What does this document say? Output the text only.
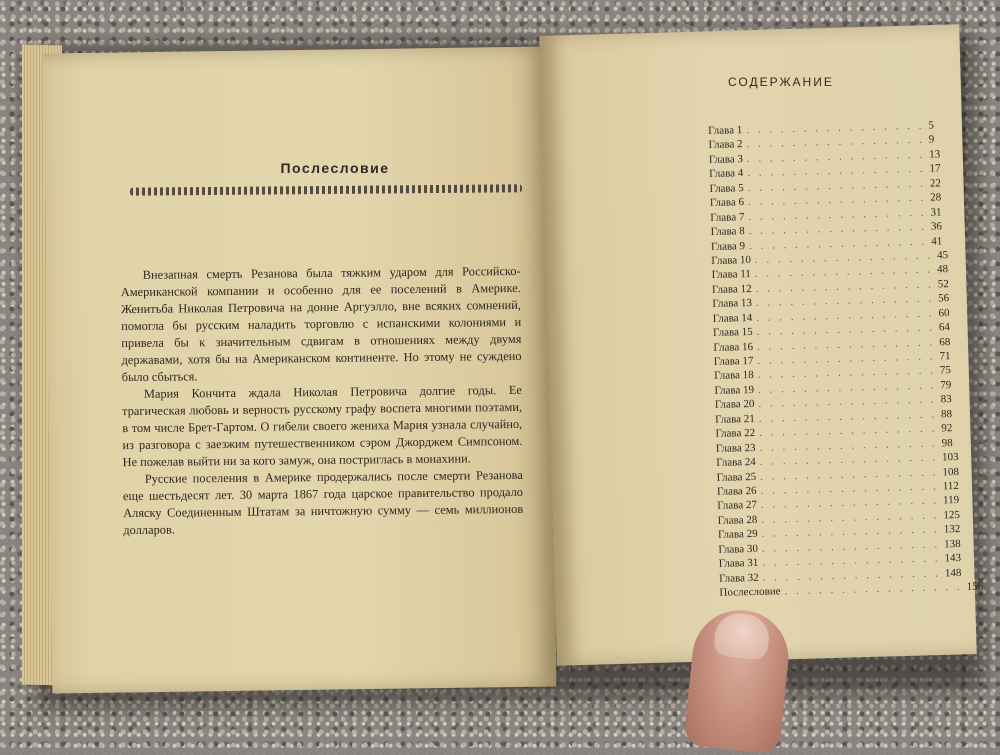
Послесловие

Внезапная смерть Резанова была тяжким ударом для Российско-Американской компании и особенно для ее поселений в Америке. Женитьба Николая Петровича на донне Аргуэлло, вне всяких сомнений, помогла бы русским наладить торговлю с испанскими колониями и привела бы к значительным сдвигам в отношениях между двумя державами, хотя бы на Американском континенте. Но этому не суждено было сбыться.

Мария Кончита ждала Николая Петровича долгие годы. Ее трагическая любовь и верность русскому графу воспета многими поэтами, в том числе Брет-Гартом. О гибели своего жениха Мария узнала случайно, из разговора с заезжим путешественником сэром Джорджем Симпсоном. Не пожелав выйти ни за кого замуж, она постриглась в монахини.

Русские поселения в Америке продержались после смерти Резанова еще шестьдесят лет. 30 марта 1867 года царское правительство продало Аляску Соединенным Штатам за ничтожную сумму — семь миллионов долларов.

СОДЕРЖАНИЕ
Глава 1 . . . . . . . . . . . . . . . . 5
Глава 2 . . . . . . . . . . . . . . . . 9
Глава 3 . . . . . . . . . . . . . . . . 13
Глава 4 . . . . . . . . . . . . . . . . 17
Глава 5 . . . . . . . . . . . . . . . . 22
Глава 6 . . . . . . . . . . . . . . . . 28
Глава 7 . . . . . . . . . . . . . . . . 31
Глава 8 . . . . . . . . . . . . . . . . 36
Глава 9 . . . . . . . . . . . . . . . . 41
Глава 10 . . . . . . . . . . . . . . . . 45
Глава 11 . . . . . . . . . . . . . . . . 48
Глава 12 . . . . . . . . . . . . . . . . 52
Глава 13 . . . . . . . . . . . . . . . . 56
Глава 14 . . . . . . . . . . . . . . . . 60
Глава 15 . . . . . . . . . . . . . . . . 64
Глава 16 . . . . . . . . . . . . . . . . 68
Глава 17 . . . . . . . . . . . . . . . . 71
Глава 18 . . . . . . . . . . . . . . . . 75
Глава 19 . . . . . . . . . . . . . . . . 79
Глава 20 . . . . . . . . . . . . . . . . 83
Глава 21 . . . . . . . . . . . . . . . . 88
Глава 22 . . . . . . . . . . . . . . . . 92
Глава 23 . . . . . . . . . . . . . . . . 98
Глава 24 . . . . . . . . . . . . . . . . 103
Глава 25 . . . . . . . . . . . . . . . . 108
Глава 26 . . . . . . . . . . . . . . . . 112
Глава 27 . . . . . . . . . . . . . . . . 119
Глава 28 . . . . . . . . . . . . . . . . 125
Глава 29 . . . . . . . . . . . . . . . . 132
Глава 30 . . . . . . . . . . . . . . . . 138
Глава 31 . . . . . . . . . . . . . . . . 143
Глава 32 . . . . . . . . . . . . . . . . 148
Послесловие . . . . . . . . . . . . . . . . 156
